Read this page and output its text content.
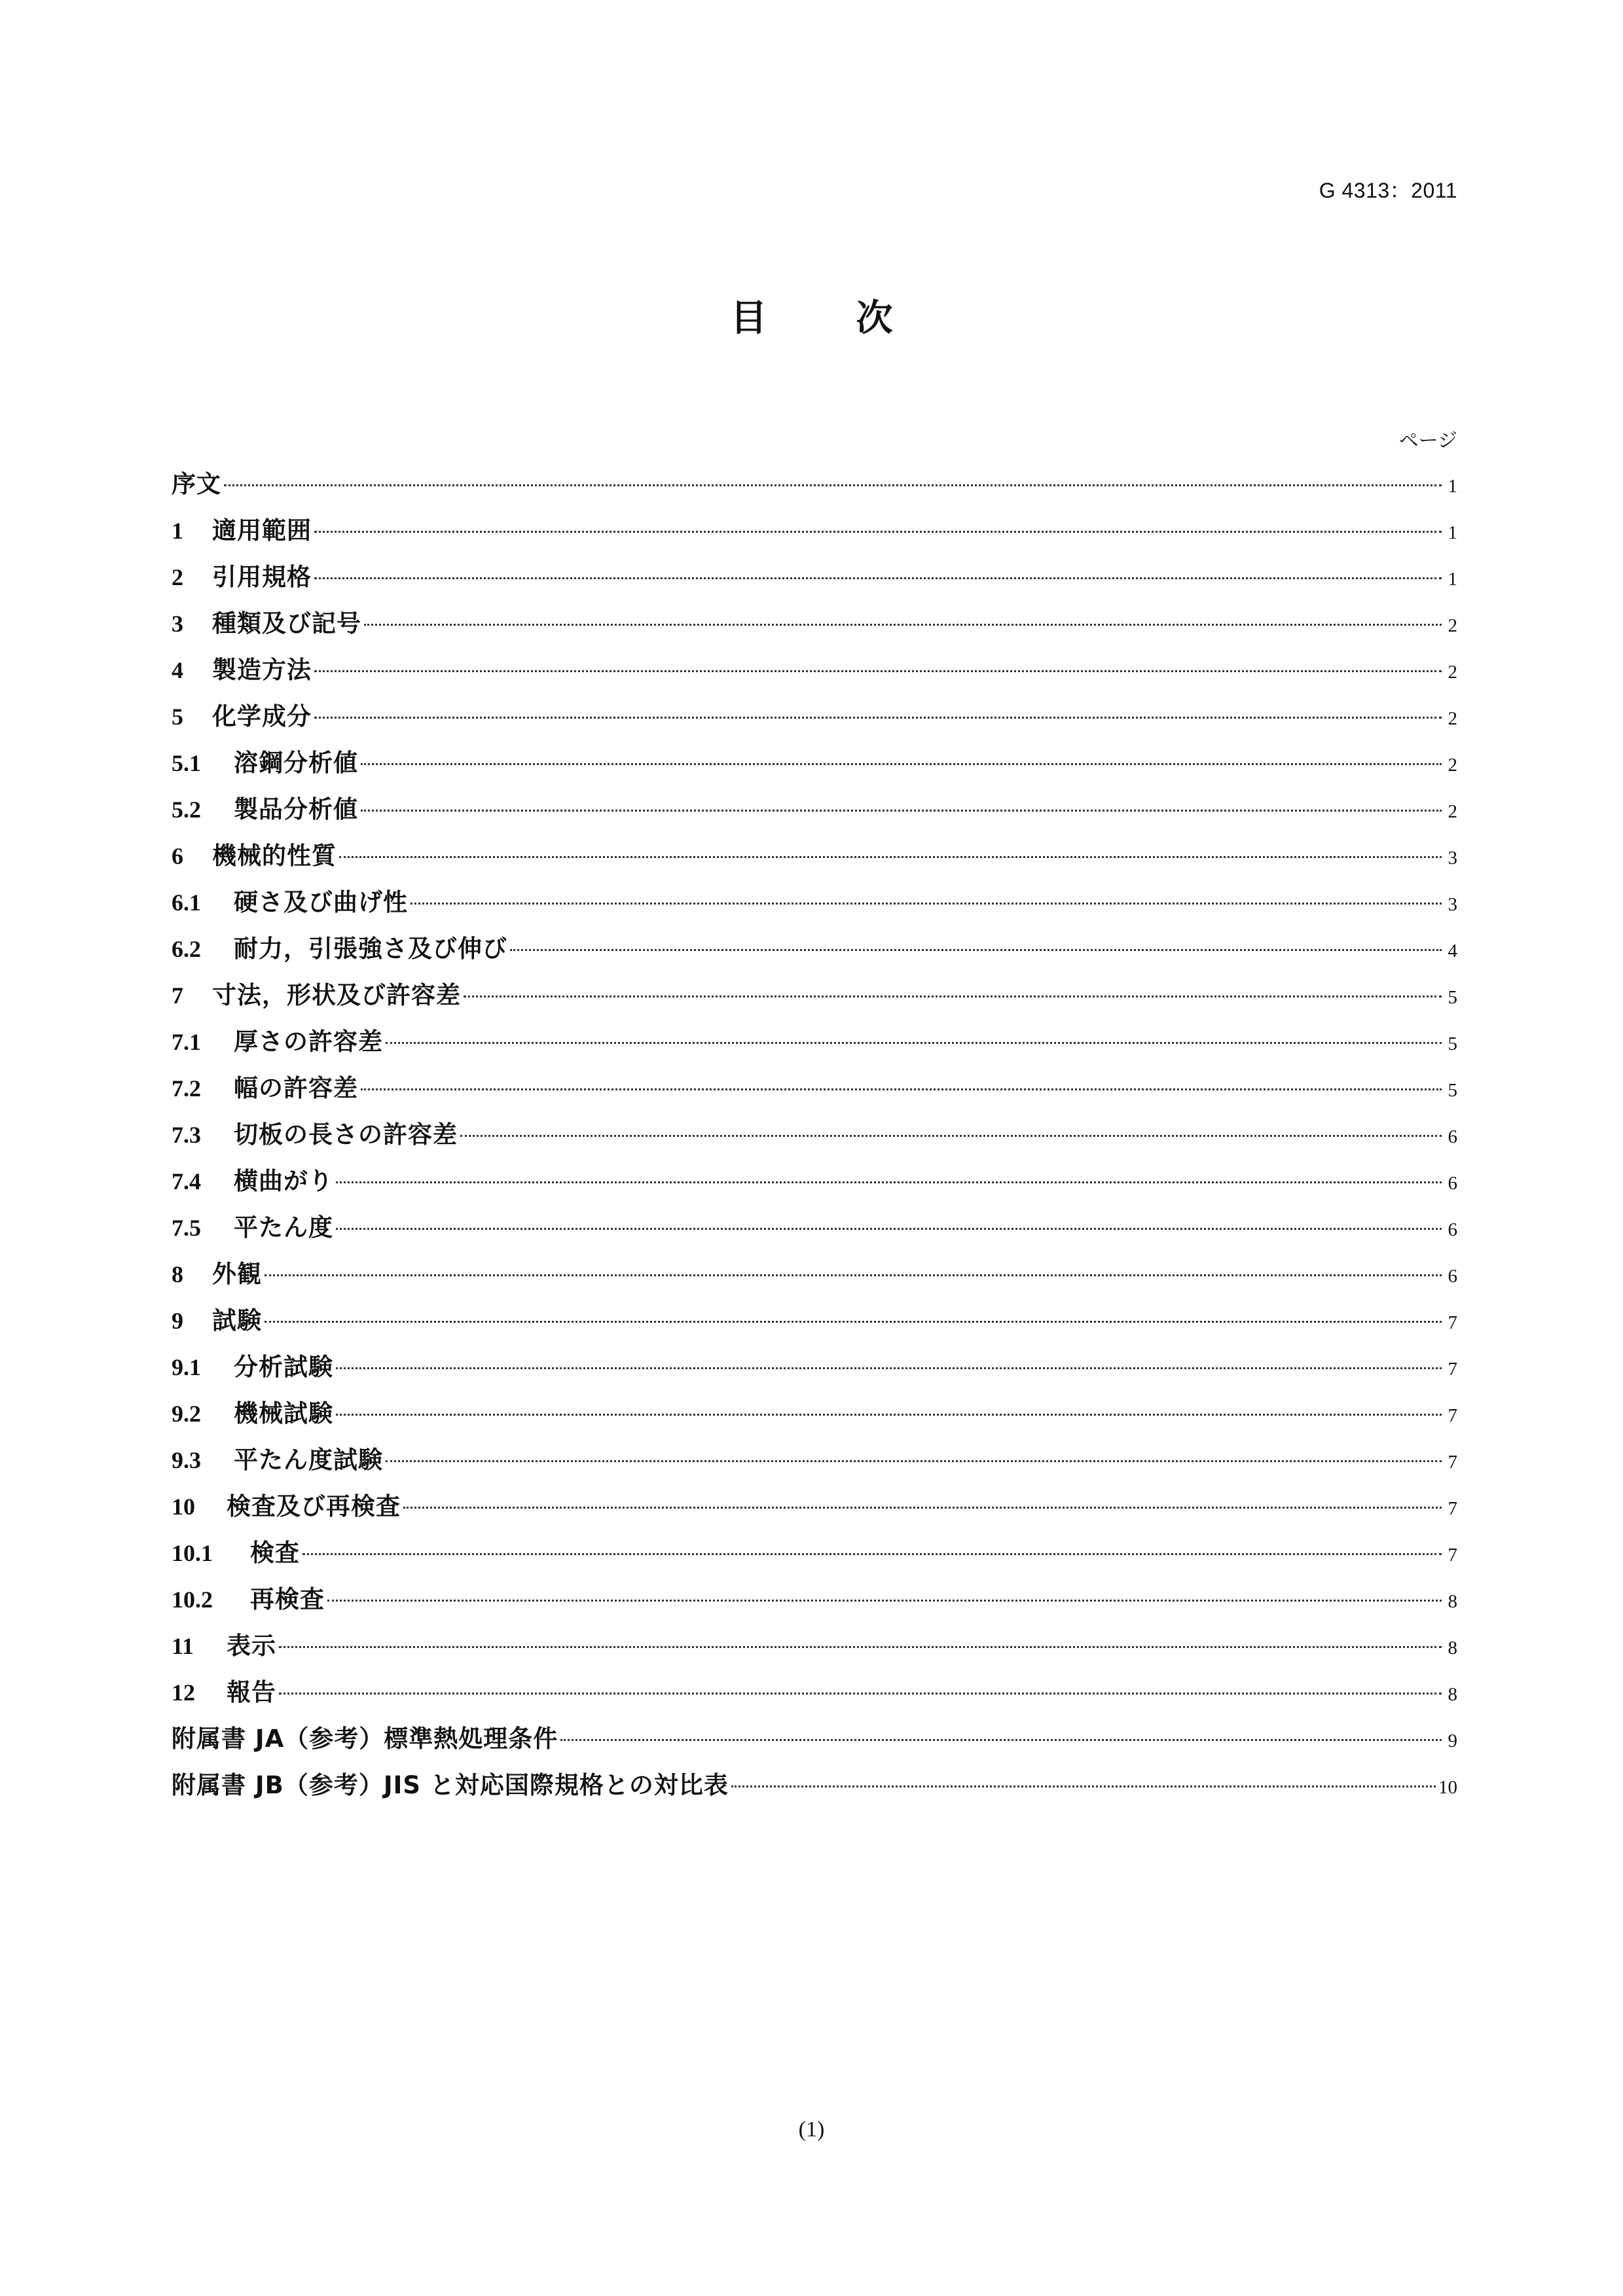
G 4313：2011
目　次
ページ
序文	1
1	適用範囲	1
2	引用規格	1
3	種類及び記号	2
4	製造方法	2
5	化学成分	2
5.1	溶鋼分析値	2
5.2	製品分析値	2
6	機械的性質	3
6.1	硬さ及び曲げ性	3
6.2	耐力，引張強さ及び伸び	4
7	寸法，形状及び許容差	5
7.1	厚さの許容差	5
7.2	幅の許容差	5
7.3	切板の長さの許容差	6
7.4	横曲がり	6
7.5	平たん度	6
8	外観	6
9	試験	7
9.1	分析試験	7
9.2	機械試験	7
9.3	平たん度試験	7
10	検査及び再検査	7
10.1	検査	7
10.2	再検査	8
11	表示	8
12	報告	8
附属書 JA（参考）標準熱処理条件	9
附属書 JB（参考）JIS と対応国際規格との対比表	10
(1)
